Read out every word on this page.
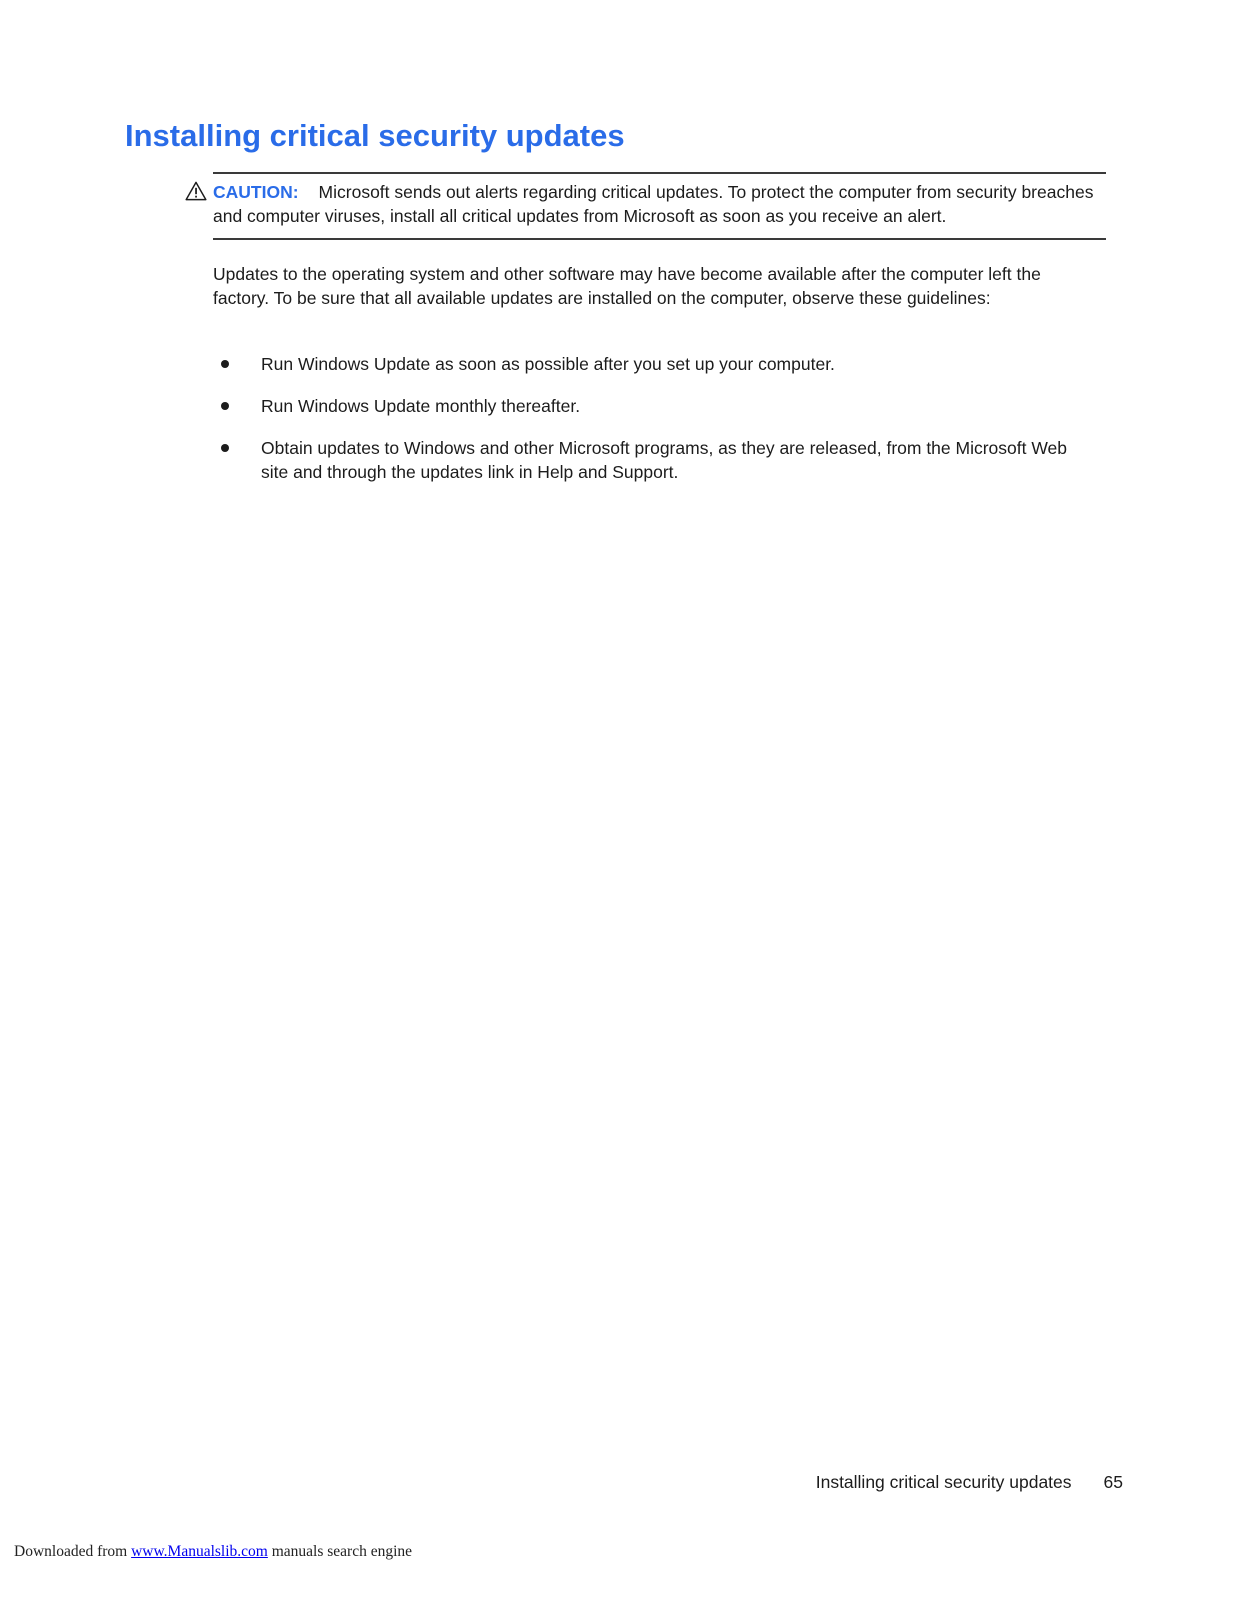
Installing critical security updates

CAUTION: Microsoft sends out alerts regarding critical updates. To protect the computer from security breaches and computer viruses, install all critical updates from Microsoft as soon as you receive an alert.

Updates to the operating system and other software may have become available after the computer left the factory. To be sure that all available updates are installed on the computer, observe these guidelines:

Run Windows Update as soon as possible after you set up your computer.
Run Windows Update monthly thereafter.
Obtain updates to Windows and other Microsoft programs, as they are released, from the Microsoft Web site and through the updates link in Help and Support.
Installing critical security updates 65
Downloaded from www.Manualslib.com manuals search engine
